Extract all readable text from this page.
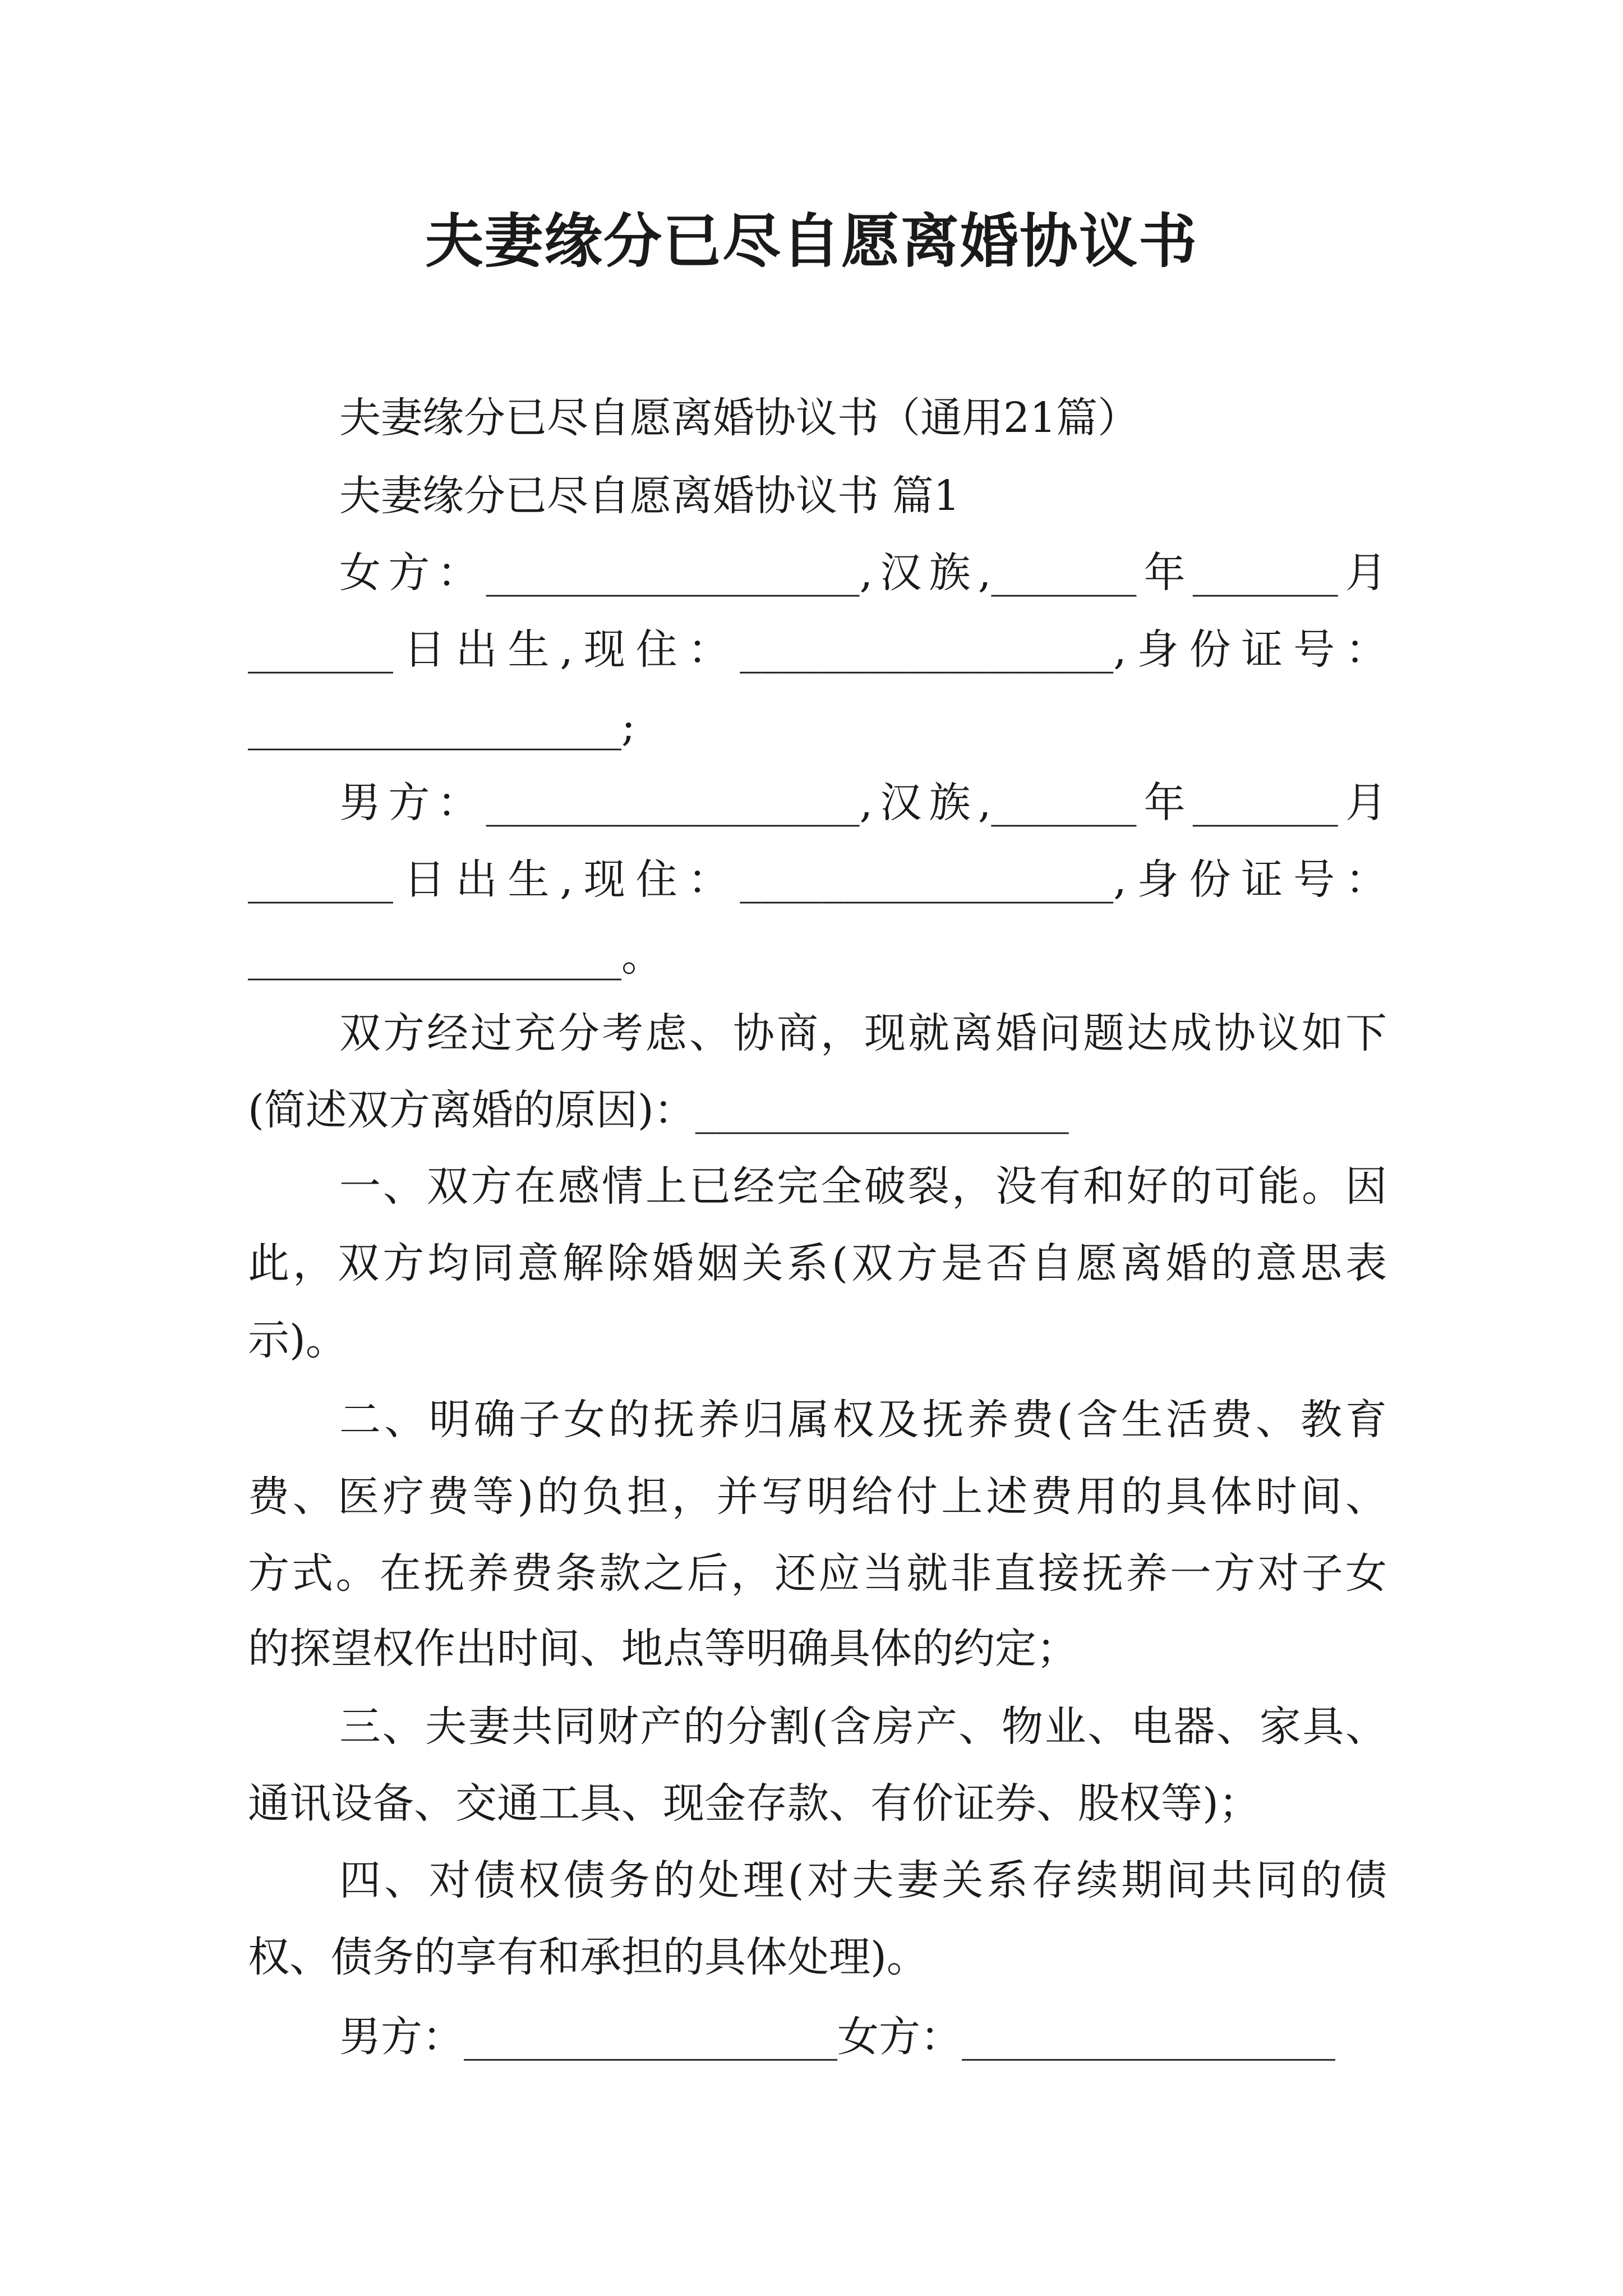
夫妻缘分已尽自愿离婚协议书
夫妻缘分已尽自愿离婚协议书（通用21篇）
夫妻缘分已尽自愿离婚协议书 篇1
女方：__________________,汉族,_______年_______月
_______日出生,现住：__________________,身份证号：
__________________;
男方：__________________,汉族,_______年_______月
_______日出生,现住：__________________,身份证号：
__________________。
双方经过充分考虑、协商，现就离婚问题达成协议如下
(简述双方离婚的原因)：__________________
一、双方在感情上已经完全破裂，没有和好的可能。因
此，双方均同意解除婚姻关系(双方是否自愿离婚的意思表
示)。
二、明确子女的抚养归属权及抚养费(含生活费、教育
费、医疗费等)的负担，并写明给付上述费用的具体时间、
方式。在抚养费条款之后，还应当就非直接抚养一方对子女
的探望权作出时间、地点等明确具体的约定；
三、夫妻共同财产的分割(含房产、物业、电器、家具、
通讯设备、交通工具、现金存款、有价证券、股权等)；
四、对债权债务的处理(对夫妻关系存续期间共同的债
权、债务的享有和承担的具体处理)。
男方：__________________女方：__________________
